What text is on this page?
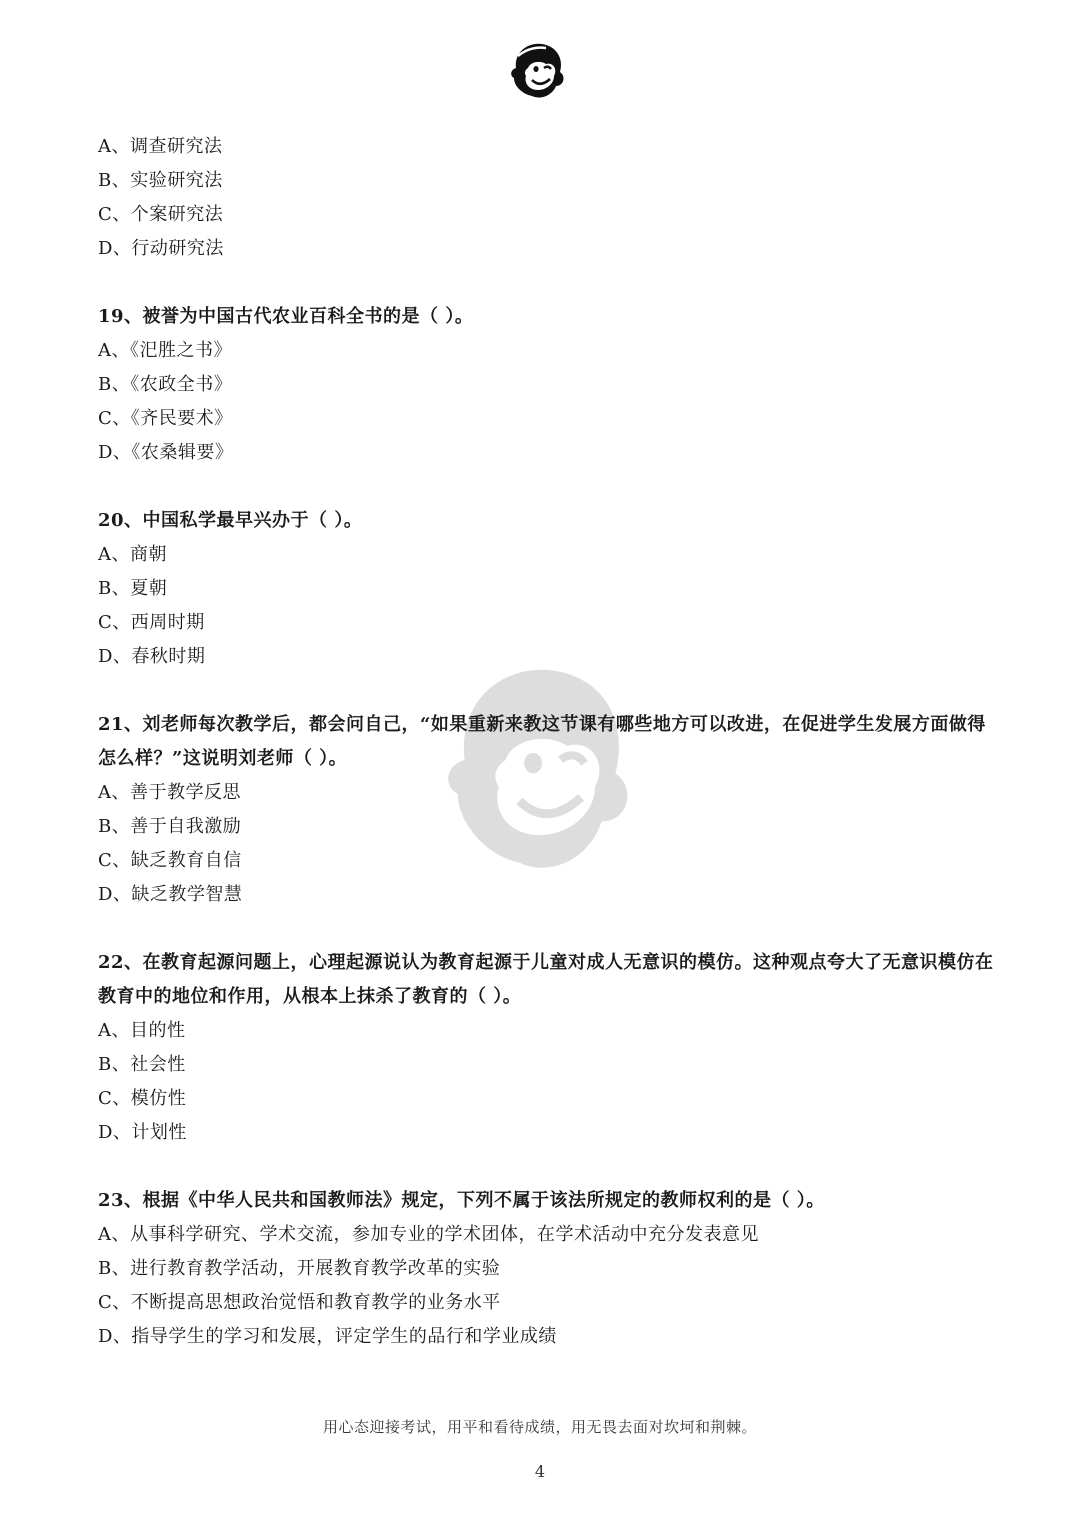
A、调查研究法
B、实验研究法
C、个案研究法
D、行动研究法
19、被誉为中国古代农业百科全书的是（ ）。
A、《汜胜之书》
B、《农政全书》
C、《齐民要术》
D、《农桑辑要》
20、中国私学最早兴办于（ ）。
A、商朝
B、夏朝
C、西周时期
D、春秋时期
21、刘老师每次教学后，都会问自己，“如果重新来教这节课有哪些地方可以改进，在促进学生发展方面做得怎么样？”这说明刘老师（ ）。
A、善于教学反思
B、善于自我激励
C、缺乏教育自信
D、缺乏教学智慧
22、在教育起源问题上，心理起源说认为教育起源于儿童对成人无意识的模仿。这种观点夸大了无意识模仿在教育中的地位和作用，从根本上抹杀了教育的（ ）。
A、目的性
B、社会性
C、模仿性
D、计划性
23、根据《中华人民共和国教师法》规定，下列不属于该法所规定的教师权利的是（ ）。
A、从事科学研究、学术交流，参加专业的学术团体，在学术活动中充分发表意见
B、进行教育教学活动，开展教育教学改革的实验
C、不断提高思想政治觉悟和教育教学的业务水平
D、指导学生的学习和发展，评定学生的品行和学业成绩
用心态迎接考试，用平和看待成绩，用无畏去面对坎坷和荆棘。
4
